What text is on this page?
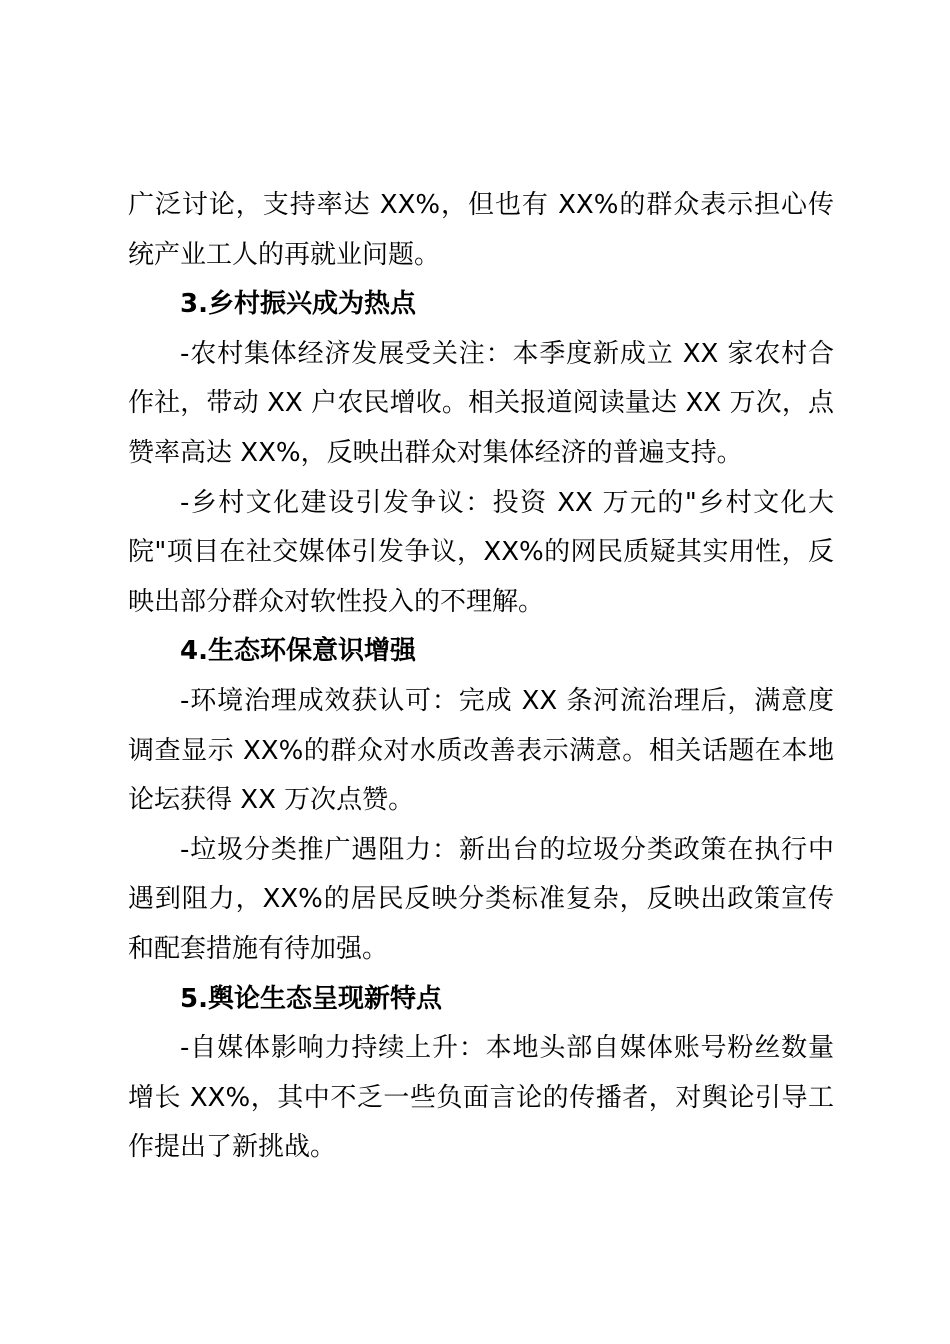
广泛讨论，支持率达 XX%，但也有 XX%的群众表示担心传统产业工人的再就业问题。

3.乡村振兴成为热点

-农村集体经济发展受关注：本季度新成立 XX 家农村合作社，带动 XX 户农民增收。相关报道阅读量达 XX 万次，点赞率高达 XX%，反映出群众对集体经济的普遍支持。

-乡村文化建设引发争议：投资 XX 万元的"乡村文化大院"项目在社交媒体引发争议，XX%的网民质疑其实用性，反映出部分群众对软性投入的不理解。

4.生态环保意识增强

-环境治理成效获认可：完成 XX 条河流治理后，满意度调查显示 XX%的群众对水质改善表示满意。相关话题在本地论坛获得 XX 万次点赞。

-垃圾分类推广遇阻力：新出台的垃圾分类政策在执行中遇到阻力，XX%的居民反映分类标准复杂，反映出政策宣传和配套措施有待加强。

5.舆论生态呈现新特点

-自媒体影响力持续上升：本地头部自媒体账号粉丝数量增长 XX%，其中不乏一些负面言论的传播者，对舆论引导工作提出了新挑战。
